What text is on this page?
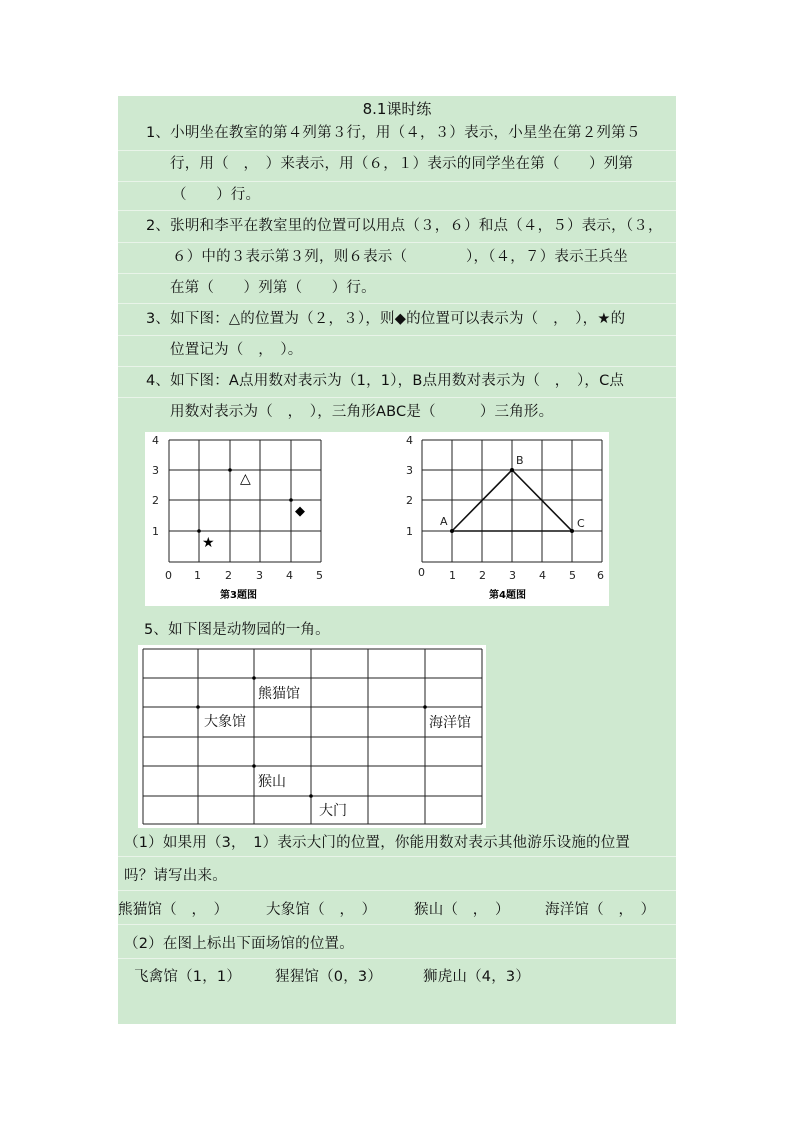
8.1课时练
1、小明坐在教室的第４列第３行，用（４，３）表示，小星坐在第２列第５
行，用（　，　）来表示，用（６，１）表示的同学坐在第（　　）列第
（　　）行。
2、张明和李平在教室里的位置可以用点（３，６）和点（４，５）表示，（３，
６）中的３表示第３列，则６表示（　　　　），（４，７）表示王兵坐
在第（　　）列第（　　）行。
3、如下图：△的位置为（２，３），则◆的位置可以表示为（　，　），★的
位置记为（　，　）。
4、如下图：A点用数对表示为（1，1），B点用数对表示为（　，　），C点
用数对表示为（　，　），三角形ABC是（　　　）三角形。
△
◆
★
0 1 2 3 4 5
1
2
3
4
第3题图
A
B
C
0 1 2 3 4 5 6
1
2
3
4
第4题图
5、如下图是动物园的一角。
熊猫馆
大象馆	海洋馆
猴山
大门
（1）如果用（3，　1）表示大门的位置，你能用数对表示其他游乐设施的位置
吗？请写出来。
熊猫馆（　，　）	大象馆（　，　）	猴山（　，　） 海洋馆（　，　）
（2）在图上标出下面场馆的位置。
飞禽馆（1，1） 猩猩馆（0，3）	狮虎山（4，3）
